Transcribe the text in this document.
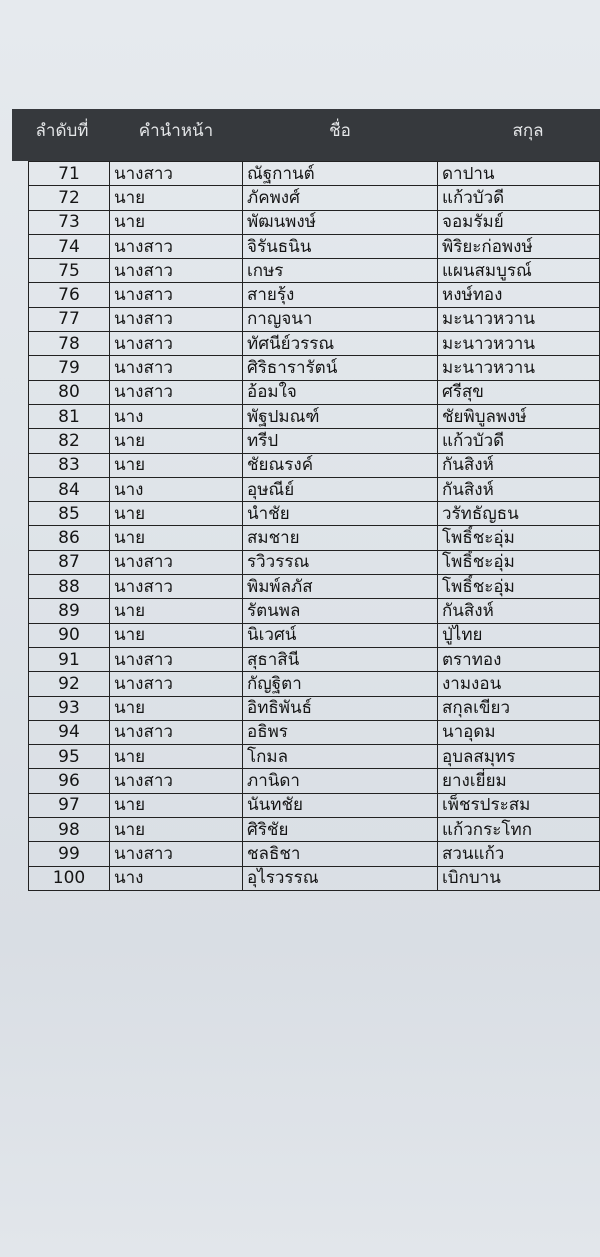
ลำดับที่	คำนำหน้า	ชื่อ	สกุล
71	นางสาว	ณัฐกานต์	ดาปาน
72	นาย	ภัคพงศ์	แก้วบัวดี
73	นาย	พัฒนพงษ์	จอมรัมย์
74	นางสาว	จิรันธนิน	พิริยะก่อพงษ์
75	นางสาว	เกษร	แผนสมบูรณ์
76	นางสาว	สายรุ้ง	หงษ์ทอง
77	นางสาว	กาญจนา	มะนาวหวาน
78	นางสาว	ทัศนีย์วรรณ	มะนาวหวาน
79	นางสาว	ศิริธารารัตน์	มะนาวหวาน
80	นางสาว	อ้อมใจ	ศรีสุข
81	นาง	พัฐปมณฑ์	ชัยพิบูลพงษ์
82	นาย	ทรีป	แก้วบัวดี
83	นาย	ชัยณรงค์	กันสิงห์
84	นาง	อุษณีย์	กันสิงห์
85	นาย	นำชัย	วรัทธัญธน
86	นาย	สมชาย	โพธิ์ชะอุ่ม
87	นางสาว	รวิวรรณ	โพธิ์ชะอุ่ม
88	นางสาว	พิมพ์ลภัส	โพธิ์ชะอุ่ม
89	นาย	รัตนพล	กันสิงห์
90	นาย	นิเวศน์	ปู่ไทย
91	นางสาว	สุธาสินี	ตราทอง
92	นางสาว	กัญฐิตา	งามงอน
93	นาย	อิทธิพันธ์	สกุลเขียว
94	นางสาว	อธิพร	นาอุดม
95	นาย	โกมล	อุบลสมุทร
96	นางสาว	ภานิดา	ยางเยี่ยม
97	นาย	นันทชัย	เพ็ชรประสม
98	นาย	ศิริชัย	แก้วกระโทก
99	นางสาว	ชลธิชา	สวนแก้ว
100	นาง	อุไรวรรณ	เบิกบาน
